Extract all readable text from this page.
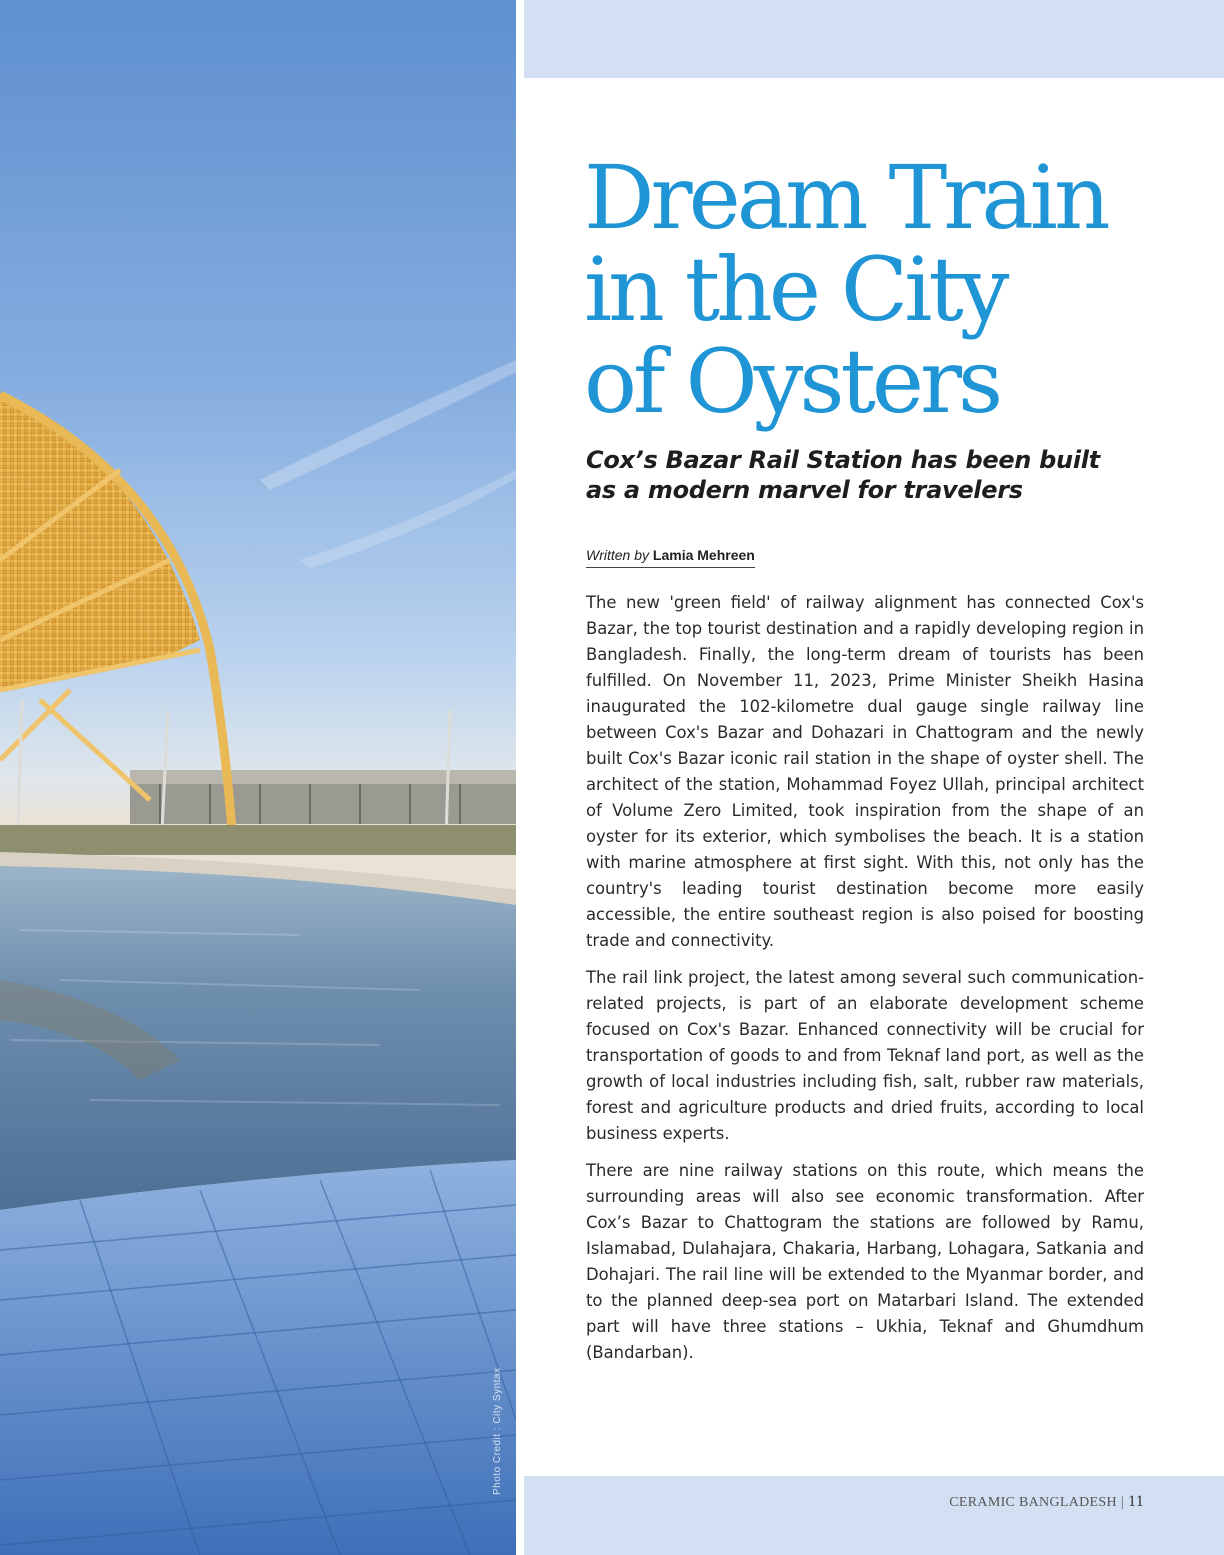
Photo Credit : City Syntax
Dream Train
in the City
of Oysters
Cox’s Bazar Rail Station has been built
as a modern marvel for travelers
Written by Lamia Mehreen

The new 'green field' of railway alignment has connected Cox's Bazar, the top tourist destination and a rapidly developing region in Bangladesh. Finally, the long-term dream of tourists has been fulfilled. On November 11, 2023, Prime Minister Sheikh Hasina inaugurated the 102-kilometre dual gauge single railway line between Cox's Bazar and Dohazari in Chattogram and the newly built Cox's Bazar iconic rail station in the shape of oyster shell. The architect of the station, Mohammad Foyez Ullah, principal architect of Volume Zero Limited, took inspiration from the shape of an oyster for its exterior, which symbolises the beach. It is a station with marine atmosphere at first sight. With this, not only has the country's leading tourist destination become more easily accessible, the entire southeast region is also poised for boosting trade and connectivity.

The rail link project, the latest among several such communication-related projects, is part of an elaborate development scheme focused on Cox's Bazar. Enhanced connectivity will be crucial for transportation of goods to and from Teknaf land port, as well as the growth of local industries including fish, salt, rubber raw materials, forest and agriculture products and dried fruits, according to local business experts.

There are nine railway stations on this route, which means the surrounding areas will also see economic transformation. After Cox’s Bazar to Chattogram the stations are followed by Ramu, Islamabad, Dulahajara, Chakaria, Harbang, Lohagara, Satkania and Dohajari. The rail line will be extended to the Myanmar border, and to the planned deep-sea port on Matarbari Island. The extended part will have three stations – Ukhia, Teknaf and Ghumdhum (Bandarban).

CERAMIC BANGLADESH | 11
